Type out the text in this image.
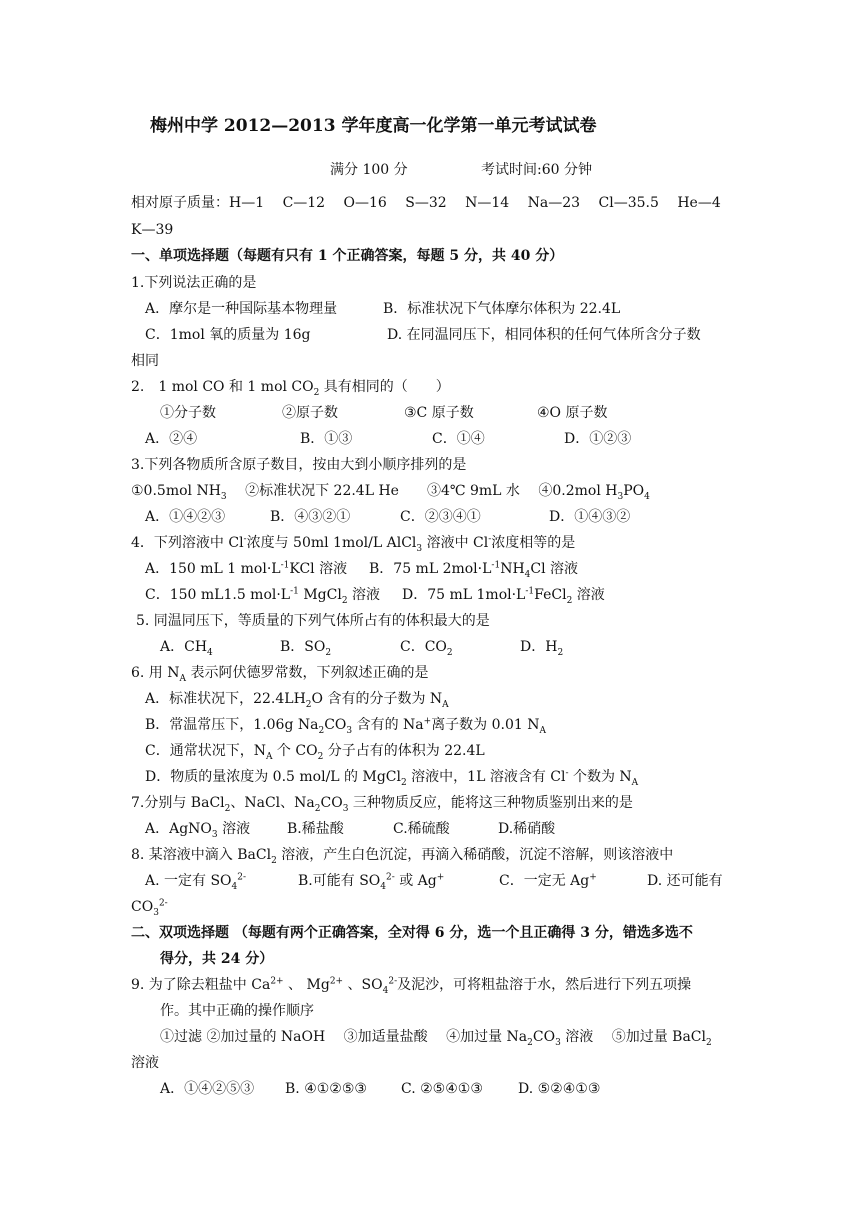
梅州中学 2012—2013 学年度高一化学第一单元考试试卷
满分 100 分	考试时间:60 分钟
相对原子质量：H—1　 C—12　 O—16　 S—32　 N—14　 Na—23　 Cl—35.5　 He—4
K—39
一、单项选择题（每题有只有 1 个正确答案，每题 5 分，共 40 分）
1.下列说法正确的是
A．摩尔是一种国际基本物理量	B．标准状况下气体摩尔体积为 22.4L
C．1mol 氧的质量为 16g	D. 在同温同压下，相同体积的任何气体所含分子数
相同
2.　1 mol CO 和 1 mol $CO_2$ 具有相同的（　　）
①分子数	②原子数	③C 原子数	④O 原子数
A．②④	B．①③	C．①④	D．①②③
3.下列各物质所含原子数目，按由大到小顺序排列的是
①0.5mol $NH_3$　 ②标准状况下 22.4L He　　③4℃ 9mL 水　 ④0.2mol $H_3PO_4$
A．①④②③	B．④③②①	C．②③④①	D．①④③②
4．下列溶液中 Cl-浓度与 50ml 1mol/L AlCl$_3$ 溶液中 Cl-浓度相等的是
A．150 mL 1 $mol\cdot L^{-1}KCl$ 溶液 B．75 mL $2mol\cdot L^{-1}NH_4Cl$ 溶液
C．150 mL1.5 $mol\cdot L^{-1}$ MgCl$_2$ 溶液 D．75 mL $1mol\cdot L^{-1}FeCl_2$ 溶液
5. 同温同压下，等质量的下列气体所占有的体积最大的是
A．$CH_4$	B．$SO_2$	C．$CO_2$	D．$H_2$
6. 用 $N_A$ 表示阿伏德罗常数，下列叙述正确的是
A．标准状况下，$22.4LH_2O$ 含有的分子数为 $N_A$
B．常温常压下，1.06g $Na_2CO_3$ 含有的 Na+离子数为 0.01 $N_A$
C．通常状况下，$N_A$ 个 $CO_2$ 分子占有的体积为 22.4L
D．物质的量浓度为 0.5 mol/L 的 MgCl$_2$ 溶液中，1L 溶液含有 Cl- 个数为 $N_A$
7.分别与 BaCl$_2$、NaCl、$Na_2CO_3$ 三种物质反应，能将这三种物质鉴别出来的是
A．AgNO$_3$ 溶液	B.稀盐酸	C.稀硫酸	D.稀硝酸
8. 某溶液中滴入 BaCl$_2$ 溶液，产生白色沉淀，再滴入稀硝酸，沉淀不溶解，则该溶液中
A. 一定有 $SO_4^{2-}$	B.可能有 $SO_4^{2-}$ 或 Ag+	C．一定无 Ag+	D. 还可能有
$CO_3^{2-}$
二、双项选择题 （每题有两个正确答案，全对得 6 分，选一个且正确得 3 分，错选多选不
得分，共 24 分）
9. 为了除去粗盐中 $Ca^{2+}$ 、 $Mg^{2+}$ 、$SO_4^{2-}$及泥沙，可将粗盐溶于水，然后进行下列五项操
作。其中正确的操作顺序
①过滤 ②加过量的 NaOH　 ③加适量盐酸　 ④加过量 $Na_2CO_3$ 溶液　 ⑤加过量 BaCl$_2$
溶液
A．①④②⑤③ B. ④①②⑤③ C. ②⑤④①③	D. ⑤②④①③
